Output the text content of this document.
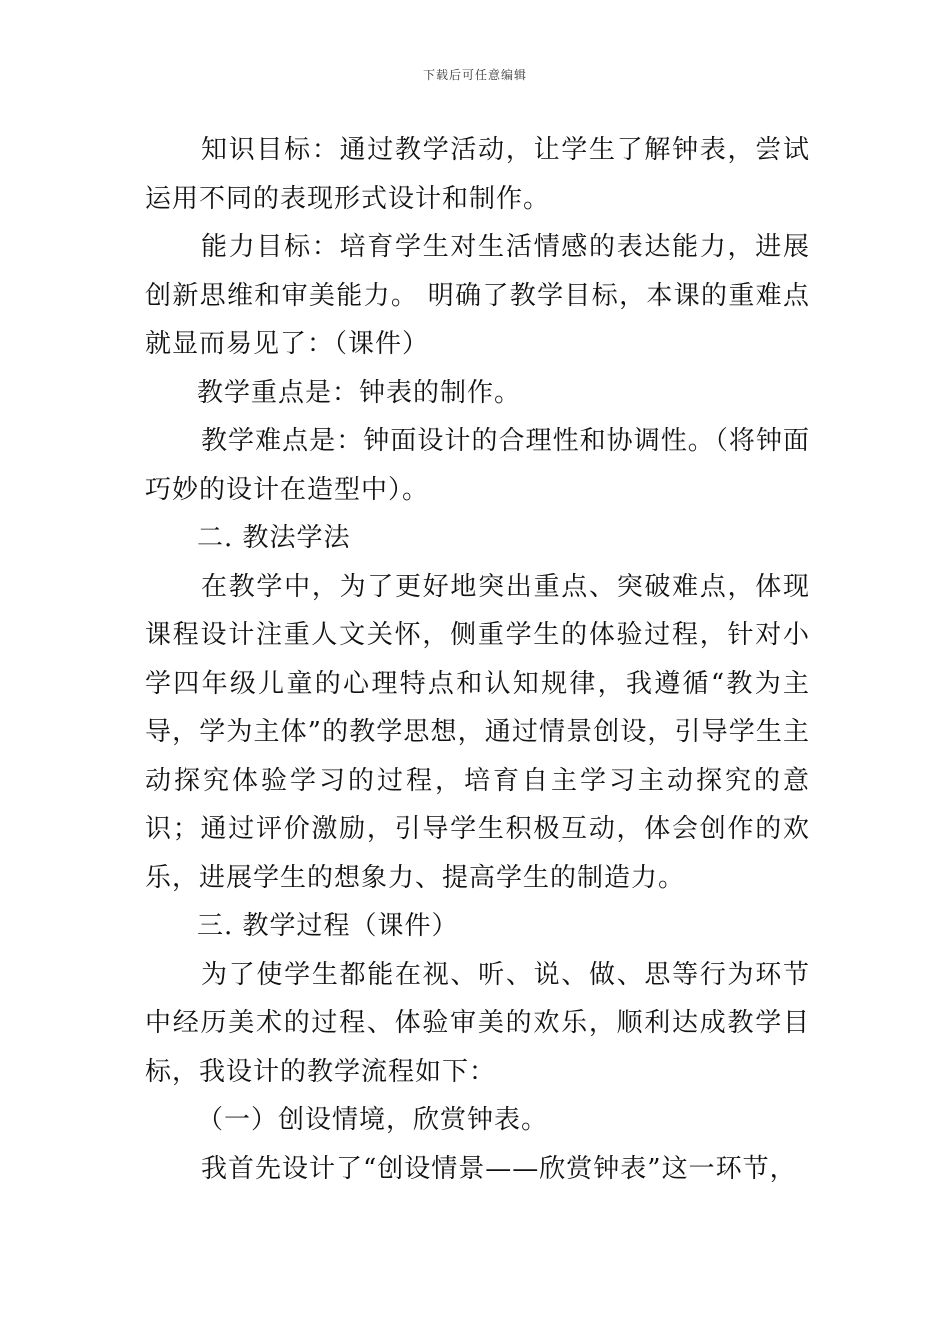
下载后可任意编辑

知识目标：通过教学活动，让学生了解钟表，尝试运用不同的表现形式设计和制作。

能力目标：培育学生对生活情感的表达能力，进展创新思维和审美能力。 明确了教学目标，本课的重难点就显而易见了：（课件）

教学重点是：钟表的制作。

教学难点是：钟面设计的合理性和协调性。（将钟面巧妙的设计在造型中）。

二. 教法学法

在教学中，为了更好地突出重点、突破难点，体现课程设计注重人文关怀，侧重学生的体验过程，针对小学四年级儿童的心理特点和认知规律，我遵循“教为主导，学为主体”的教学思想，通过情景创设，引导学生主动探究体验学习的过程，培育自主学习主动探究的意识；通过评价激励，引导学生积极互动，体会创作的欢乐，进展学生的想象力、提高学生的制造力。

三. 教学过程（课件）

为了使学生都能在视、听、说、做、思等行为环节中经历美术的过程、体验审美的欢乐，顺利达成教学目标，我设计的教学流程如下：

（一）创设情境，欣赏钟表。

我首先设计了“创设情景——欣赏钟表”这一环节，
